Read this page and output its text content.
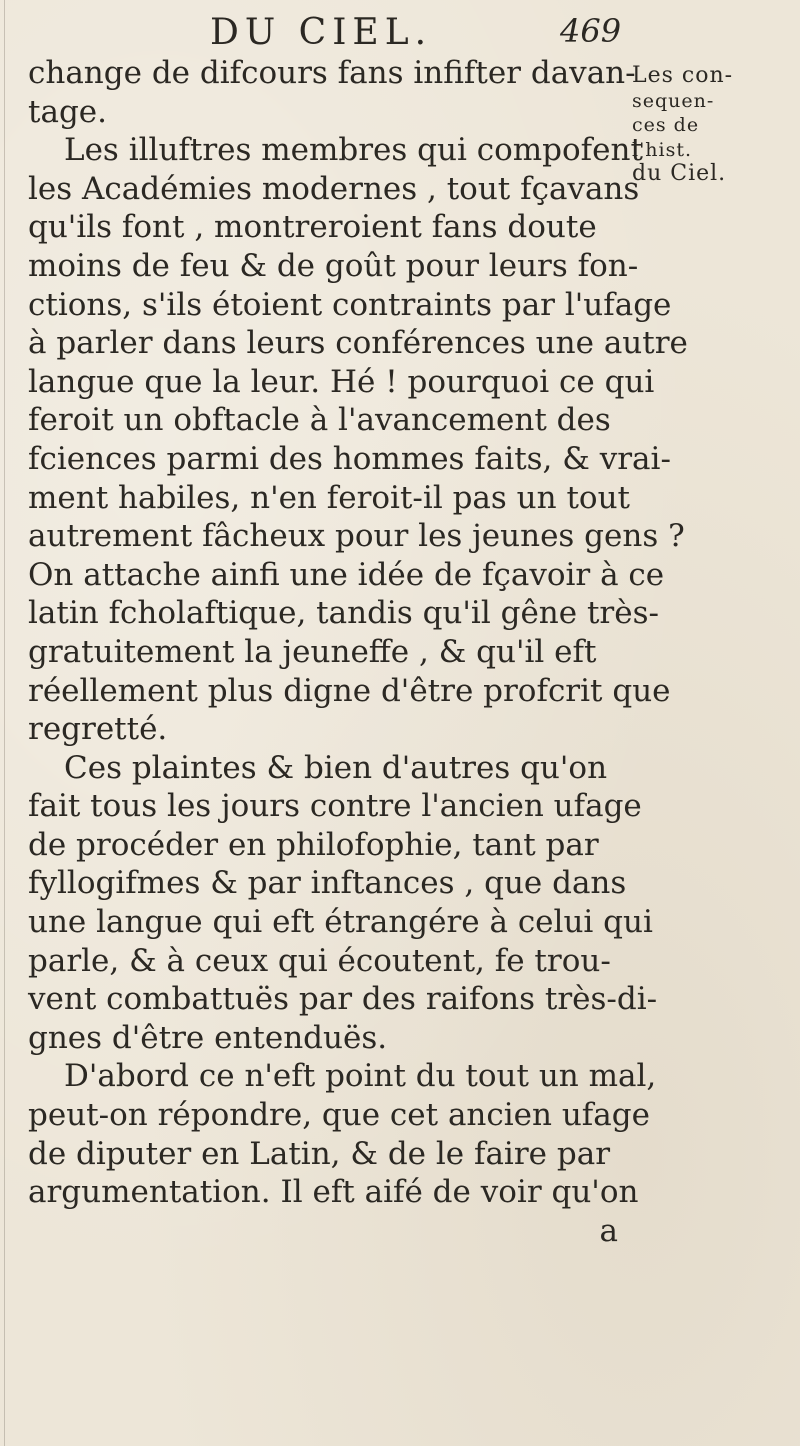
DU CIEL.	469
Les con-
sequen-
ces de
l'hist.
du Ciel.
change de difcours fans infifter davan-
tage.
Les illuftres membres qui compofent
les Académies modernes , tout fçavans
qu'ils font , montreroient fans doute
moins de feu & de goût pour leurs fon-
ctions, s'ils étoient contraints par l'ufage
à parler dans leurs conférences une autre
langue que la leur. Hé ! pourquoi ce qui
feroit un obftacle à l'avancement des
fciences parmi des hommes faits, & vrai-
ment habiles, n'en feroit-il pas un tout
autrement fâcheux pour les jeunes gens ?
On attache ainfi une idée de fçavoir à ce
latin fcholaftique, tandis qu'il gêne très-
gratuitement la jeuneffe , & qu'il eft
réellement plus digne d'être profcrit que
regretté.
Ces plaintes & bien d'autres qu'on
fait tous les jours contre l'ancien ufage
de procéder en philofophie, tant par
fyllogifmes & par inftances , que dans
une langue qui eft étrangére à celui qui
parle, & à ceux qui écoutent, fe trou-
vent combattuës par des raifons très-di-
gnes d'être entenduës.
D'abord ce n'eft point du tout un mal,
peut-on répondre, que cet ancien ufage
de diputer en Latin, & de le faire par
argumentation. Il eft aifé de voir qu'on
a
